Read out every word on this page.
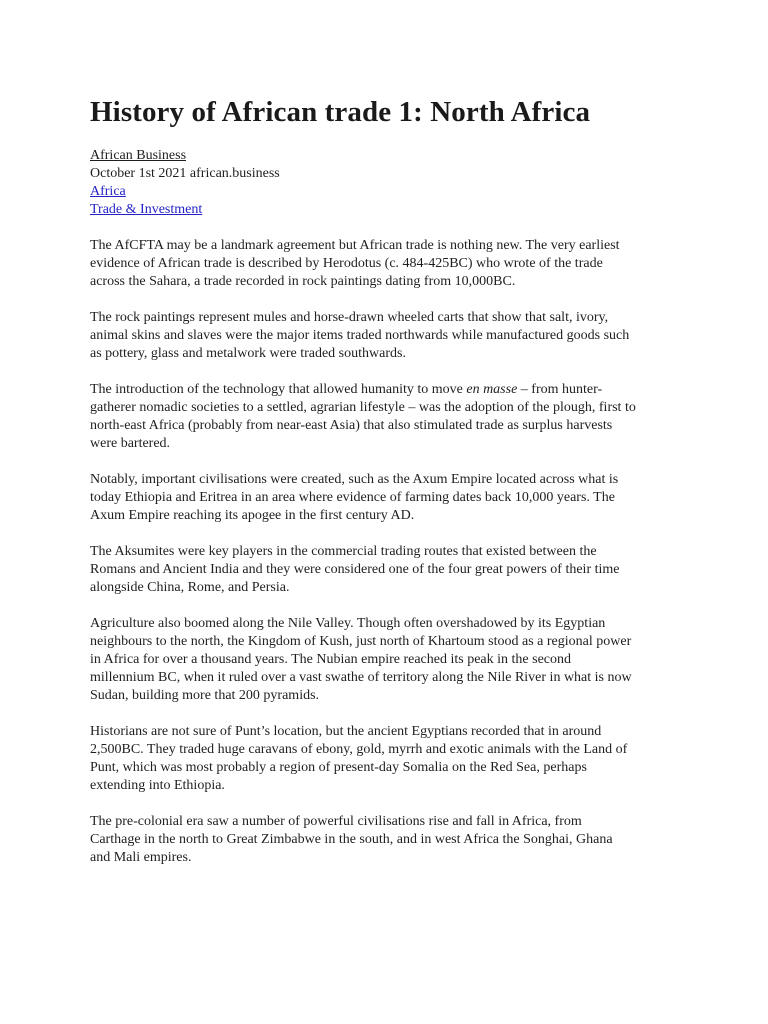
History of African trade 1: North Africa
African Business
October 1st 2021 african.business
Africa
Trade & Investment

The AfCFTA may be a landmark agreement but African trade is nothing new. The very earliest
evidence of African trade is described by Herodotus (c. 484-425BC) who wrote of the trade
across the Sahara, a trade recorded in rock paintings dating from 10,000BC.

The rock paintings represent mules and horse-drawn wheeled carts that show that salt, ivory,
animal skins and slaves were the major items traded northwards while manufactured goods such
as pottery, glass and metalwork were traded southwards.

The introduction of the technology that allowed humanity to move en masse – from hunter-
gatherer nomadic societies to a settled, agrarian lifestyle – was the adoption of the plough, first to
north-east Africa (probably from near-east Asia) that also stimulated trade as surplus harvests
were bartered.

Notably, important civilisations were created, such as the Axum Empire located across what is
today Ethiopia and Eritrea in an area where evidence of farming dates back 10,000 years. The
Axum Empire reaching its apogee in the first century AD.

The Aksumites were key players in the commercial trading routes that existed between the
Romans and Ancient India and they were considered one of the four great powers of their time
alongside China, Rome, and Persia.

Agriculture also boomed along the Nile Valley. Though often overshadowed by its Egyptian
neighbours to the north, the Kingdom of Kush, just north of Khartoum stood as a regional power
in Africa for over a thousand years. The Nubian empire reached its peak in the second
millennium BC, when it ruled over a vast swathe of territory along the Nile River in what is now
Sudan, building more that 200 pyramids.

Historians are not sure of Punt’s location, but the ancient Egyptians recorded that in around
2,500BC. They traded huge caravans of ebony, gold, myrrh and exotic animals with the Land of
Punt, which was most probably a region of present-day Somalia on the Red Sea, perhaps
extending into Ethiopia.

The pre-colonial era saw a number of powerful civilisations rise and fall in Africa, from
Carthage in the north to Great Zimbabwe in the south, and in west Africa the Songhai, Ghana
and Mali empires.
